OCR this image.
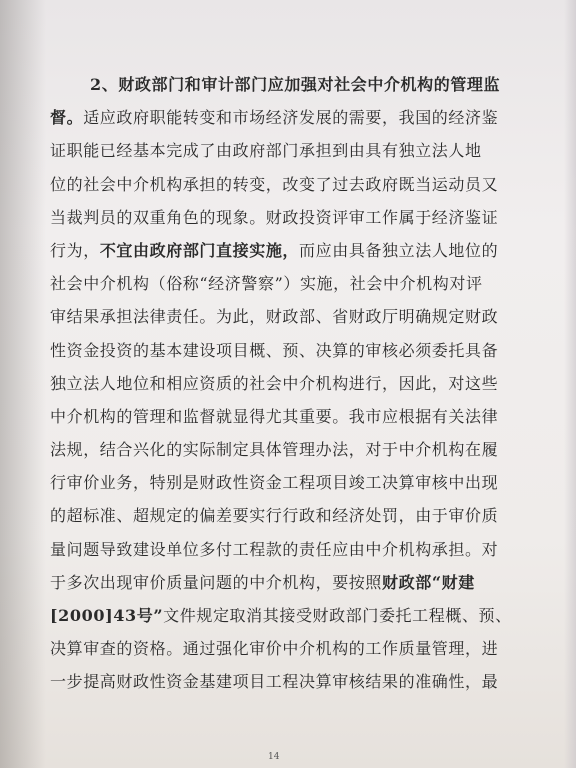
2、财政部门和审计部门应加强对社会中介机构的管理监
督。适应政府职能转变和市场经济发展的需要，我国的经济鉴
证职能已经基本完成了由政府部门承担到由具有独立法人地
位的社会中介机构承担的转变，改变了过去政府既当运动员又
当裁判员的双重角色的现象。财政投资评审工作属于经济鉴证
行为，不宜由政府部门直接实施，而应由具备独立法人地位的
社会中介机构（俗称“经济警察”）实施，社会中介机构对评
审结果承担法律责任。为此，财政部、省财政厅明确规定财政
性资金投资的基本建设项目概、预、决算的审核必须委托具备
独立法人地位和相应资质的社会中介机构进行，因此，对这些
中介机构的管理和监督就显得尤其重要。我市应根据有关法律
法规，结合兴化的实际制定具体管理办法，对于中介机构在履
行审价业务，特别是财政性资金工程项目竣工决算审核中出现
的超标准、超规定的偏差要实行行政和经济处罚，由于审价质
量问题导致建设单位多付工程款的责任应由中介机构承担。对
于多次出现审价质量问题的中介机构，要按照财政部“财建
[2000]43号”文件规定取消其接受财政部门委托工程概、预、
决算审查的资格。通过强化审价中介机构的工作质量管理，进
一步提高财政性资金基建项目工程决算审核结果的准确性，最
14
